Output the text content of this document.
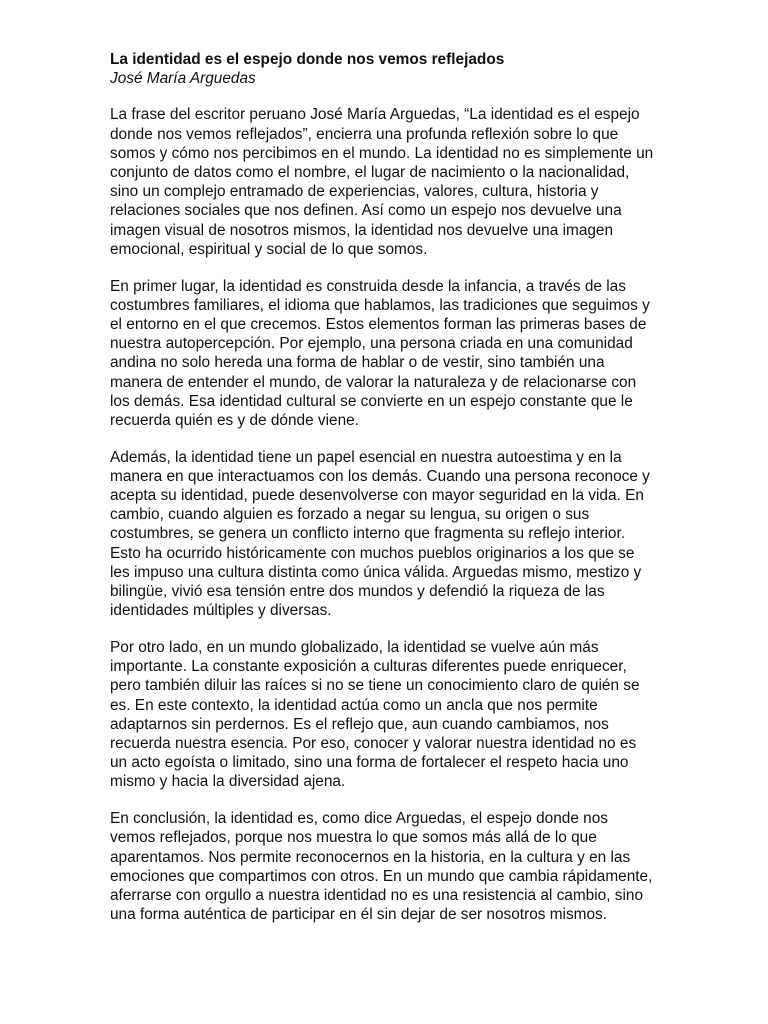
La identidad es el espejo donde nos vemos reflejados

José María Arguedas

La frase del escritor peruano José María Arguedas, “La identidad es el espejo
donde nos vemos reflejados”, encierra una profunda reflexión sobre lo que
somos y cómo nos percibimos en el mundo. La identidad no es simplemente un
conjunto de datos como el nombre, el lugar de nacimiento o la nacionalidad,
sino un complejo entramado de experiencias, valores, cultura, historia y
relaciones sociales que nos definen. Así como un espejo nos devuelve una
imagen visual de nosotros mismos, la identidad nos devuelve una imagen
emocional, espiritual y social de lo que somos.

En primer lugar, la identidad es construida desde la infancia, a través de las
costumbres familiares, el idioma que hablamos, las tradiciones que seguimos y
el entorno en el que crecemos. Estos elementos forman las primeras bases de
nuestra autopercepción. Por ejemplo, una persona criada en una comunidad
andina no solo hereda una forma de hablar o de vestir, sino también una
manera de entender el mundo, de valorar la naturaleza y de relacionarse con
los demás. Esa identidad cultural se convierte en un espejo constante que le
recuerda quién es y de dónde viene.

Además, la identidad tiene un papel esencial en nuestra autoestima y en la
manera en que interactuamos con los demás. Cuando una persona reconoce y
acepta su identidad, puede desenvolverse con mayor seguridad en la vida. En
cambio, cuando alguien es forzado a negar su lengua, su origen o sus
costumbres, se genera un conflicto interno que fragmenta su reflejo interior.
Esto ha ocurrido históricamente con muchos pueblos originarios a los que se
les impuso una cultura distinta como única válida. Arguedas mismo, mestizo y
bilingüe, vivió esa tensión entre dos mundos y defendió la riqueza de las
identidades múltiples y diversas.

Por otro lado, en un mundo globalizado, la identidad se vuelve aún más
importante. La constante exposición a culturas diferentes puede enriquecer,
pero también diluir las raíces si no se tiene un conocimiento claro de quién se
es. En este contexto, la identidad actúa como un ancla que nos permite
adaptarnos sin perdernos. Es el reflejo que, aun cuando cambiamos, nos
recuerda nuestra esencia. Por eso, conocer y valorar nuestra identidad no es
un acto egoísta o limitado, sino una forma de fortalecer el respeto hacia uno
mismo y hacia la diversidad ajena.

En conclusión, la identidad es, como dice Arguedas, el espejo donde nos
vemos reflejados, porque nos muestra lo que somos más allá de lo que
aparentamos. Nos permite reconocernos en la historia, en la cultura y en las
emociones que compartimos con otros. En un mundo que cambia rápidamente,
aferrarse con orgullo a nuestra identidad no es una resistencia al cambio, sino
una forma auténtica de participar en él sin dejar de ser nosotros mismos.
